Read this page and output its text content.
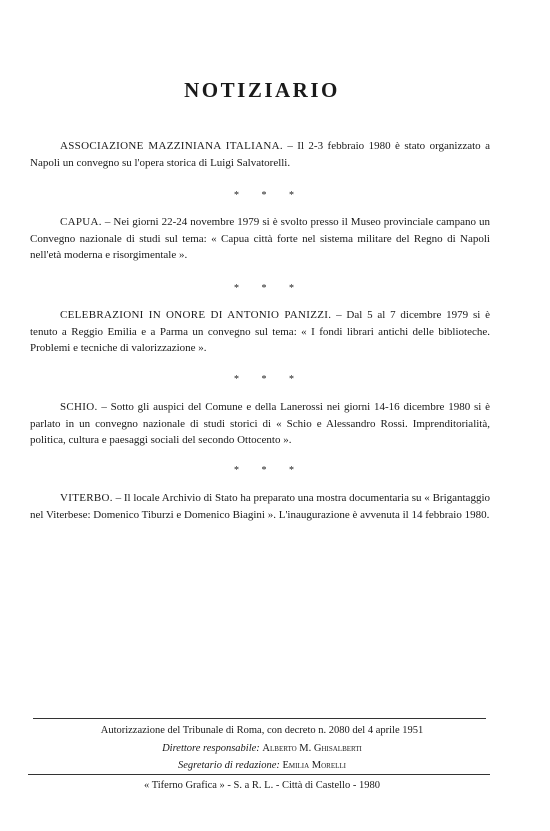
NOTIZIARIO

ASSOCIAZIONE MAZZINIANA ITALIANA. – Il 2-3 febbraio 1980 è stato organizzato a Napoli un convegno su l'opera storica di Luigi Salvatorelli.

* * *

CAPUA. – Nei giorni 22-24 novembre 1979 si è svolto presso il Museo provinciale campano un Convegno nazionale di studi sul tema: « Capua città forte nel sistema militare del Regno di Napoli nell'età moderna e risorgimentale ».

* * *

CELEBRAZIONI IN ONORE DI ANTONIO PANIZZI. – Dal 5 al 7 dicembre 1979 si è tenuto a Reggio Emilia e a Parma un convegno sul tema: « I fondi librari antichi delle biblioteche. Problemi e tecniche di valorizzazione ».

* * *

SCHIO. – Sotto gli auspici del Comune e della Lanerossi nei giorni 14-16 dicembre 1980 si è parlato in un convegno nazionale di studi storici di « Schio e Alessandro Rossi. Imprenditorialità, politica, cultura e paesaggi sociali del secondo Ottocento ».

* * *

VITERBO. – Il locale Archivio di Stato ha preparato una mostra documentaria su « Brigantaggio nel Viterbese: Domenico Tiburzi e Domenico Biagini ». L'inaugurazione è avvenuta il 14 febbraio 1980.

Autorizzazione del Tribunale di Roma, con decreto n. 2080 del 4 aprile 1951

Direttore responsabile: Alberto M. Ghisalberti

Segretario di redazione: Emilia Morelli

« Tiferno Grafica » - S. a R. L. - Città di Castello - 1980
